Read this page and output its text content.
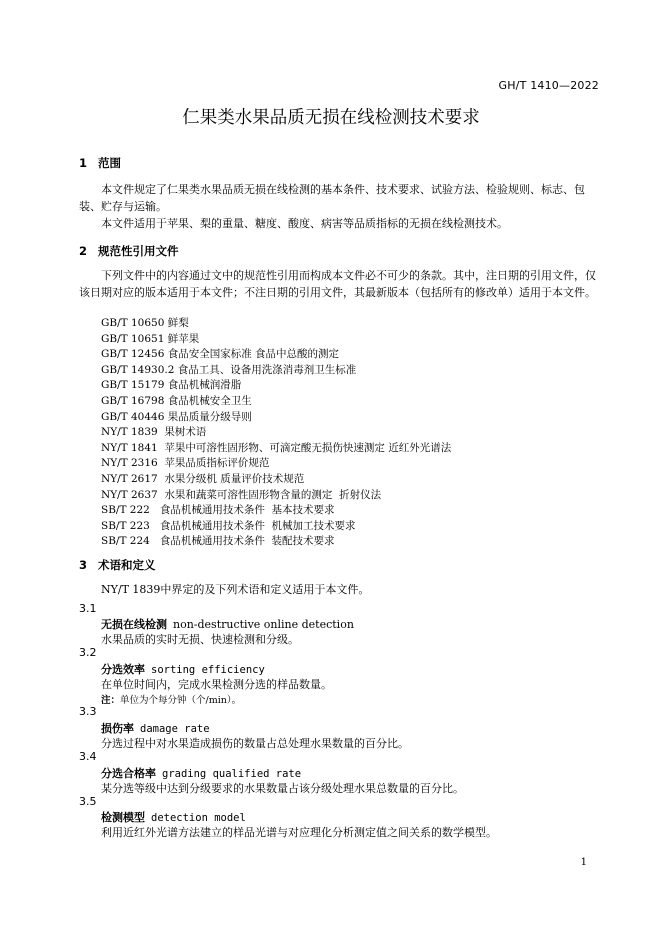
GH/T 1410—2022
仁果类水果品质无损在线检测技术要求
1 范围

本文件规定了仁果类水果品质无损在线检测的基本条件、技术要求、试验方法、检验规则、标志、包装、贮存与运输。

本文件适用于苹果、梨的重量、糖度、酸度、病害等品质指标的无损在线检测技术。

2 规范性引用文件

下列文件中的内容通过文中的规范性引用而构成本文件必不可少的条款。其中，注日期的引用文件，仅该日期对应的版本适用于本文件；不注日期的引用文件，其最新版本（包括所有的修改单）适用于本文件。

GB/T 10650 鲜梨
GB/T 10651 鲜苹果
GB/T 12456 食品安全国家标准 食品中总酸的测定
GB/T 14930.2 食品工具、设备用洗涤消毒剂卫生标准
GB/T 15179 食品机械润滑脂
GB/T 16798 食品机械安全卫生
GB/T 40446 果品质量分级导则
NY/T 1839  果树术语
NY/T 1841  苹果中可溶性固形物、可滴定酸无损伤快速测定 近红外光谱法
NY/T 2316  苹果品质指标评价规范
NY/T 2617  水果分级机 质量评价技术规范
NY/T 2637  水果和蔬菜可溶性固形物含量的测定  折射仪法
SB/T 222   食品机械通用技术条件  基本技术要求
SB/T 223   食品机械通用技术条件  机械加工技术要求
SB/T 224   食品机械通用技术条件  装配技术要求
3 术语和定义

NY/T 1839中界定的及下列术语和定义适用于本文件。

3.1
无损在线检测 non-destructive online detection
水果品质的实时无损、快速检测和分级。
3.2
分选效率 sorting efficiency
在单位时间内，完成水果检测分选的样品数量。
注：单位为个每分钟（个/min）。
3.3
损伤率 damage rate
分选过程中对水果造成损伤的数量占总处理水果数量的百分比。
3.4
分选合格率 grading qualified rate
某分选等级中达到分级要求的水果数量占该分级处理水果总数量的百分比。
3.5
检测模型 detection model
利用近红外光谱方法建立的样品光谱与对应理化分析测定值之间关系的数学模型。
1
